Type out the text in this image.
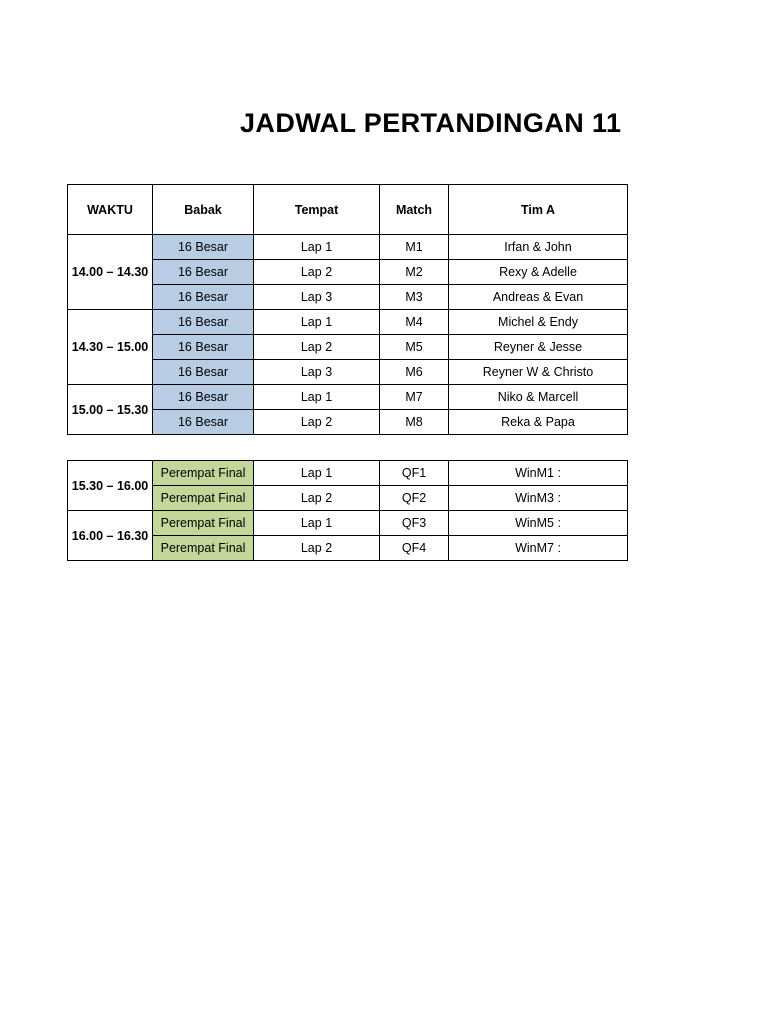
JADWAL PERTANDINGAN 11
WAKTU	Babak	Tempat	Match	Tim A
14.00 – 14.30	16 Besar	Lap 1	M1	Irfan & John
	16 Besar	Lap 2	M2	Rexy & Adelle
	16 Besar	Lap 3	M3	Andreas & Evan
14.30 – 15.00	16 Besar	Lap 1	M4	Michel & Endy
	16 Besar	Lap 2	M5	Reyner & Jesse
	16 Besar	Lap 3	M6	Reyner W & Christo
15.00 – 15.30	16 Besar	Lap 1	M7	Niko & Marcell
	16 Besar	Lap 2	M8	Reka & Papa
15.30 – 16.00	Perempat Final	Lap 1	QF1	WinM1 :
	Perempat Final	Lap 2	QF2	WinM3 :
16.00 – 16.30	Perempat Final	Lap 1	QF3	WinM5 :
	Perempat Final	Lap 2	QF4	WinM7 :
